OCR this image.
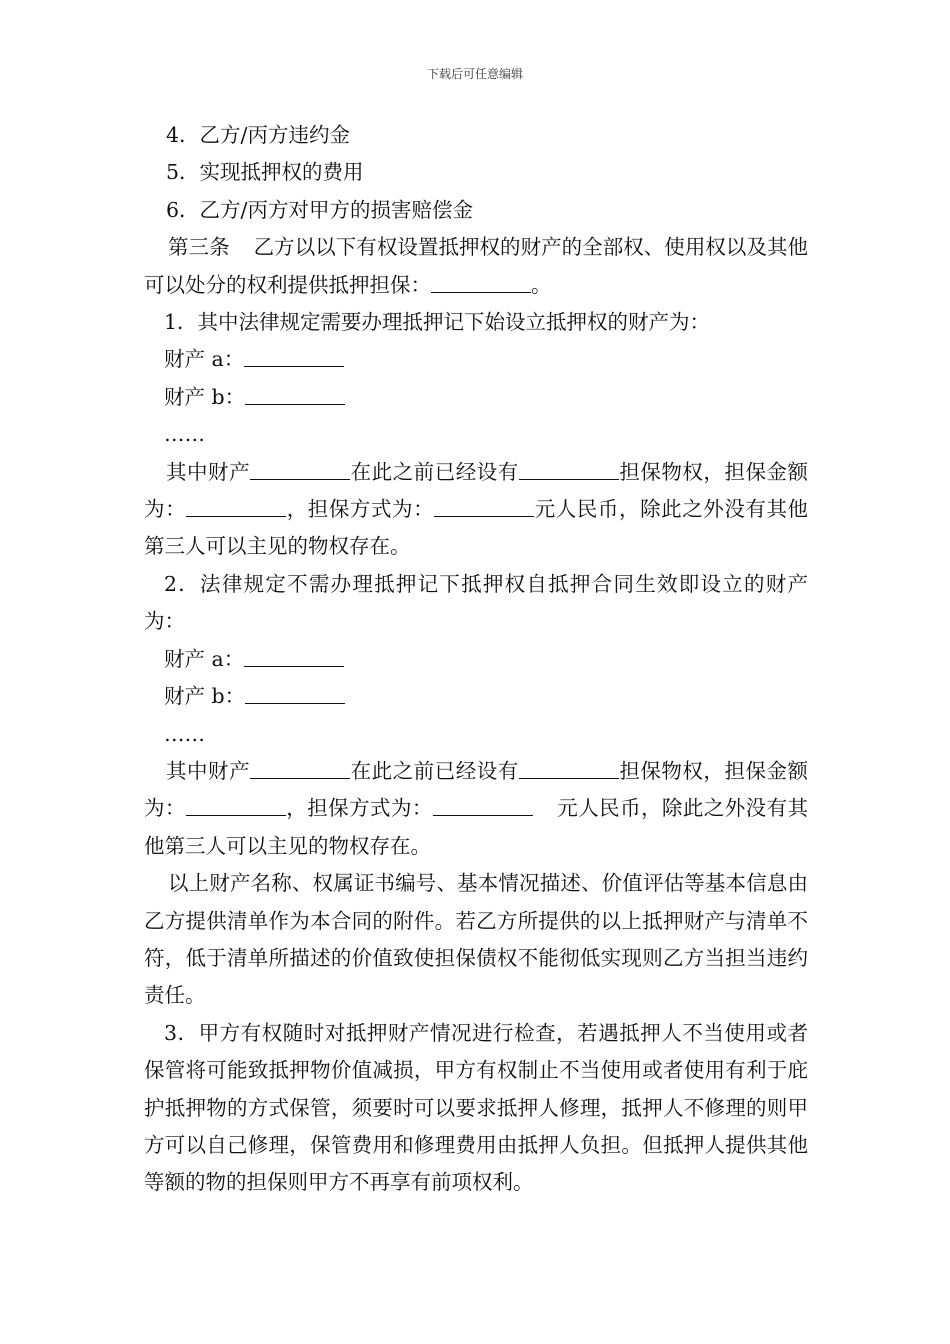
下载后可任意编辑
4．乙方/丙方违约金
5．实现抵押权的费用
6．乙方/丙方对甲方的损害赔偿金
第三条 乙方以以下有权设置抵押权的财产的全部权、使用权以及其他可以处分的权利提供抵押担保：	。
1．其中法律规定需要办理抵押记下始设立抵押权的财产为：
财产 a：
财产 b：
……
其中财产	在此之前已经设有	担保物权，担保金额为：	，担保方式为：	元人民币，除此之外没有其他第三人可以主见的物权存在。
2．法律规定不需办理抵押记下抵押权自抵押合同生效即设立的财产为：
财产 a：
财产 b：
……
其中财产	在此之前已经设有	担保物权，担保金额为：	，担保方式为：	元人民币，除此之外没有其他第三人可以主见的物权存在。
以上财产名称、权属证书编号、基本情况描述、价值评估等基本信息由乙方提供清单作为本合同的附件。若乙方所提供的以上抵押财产与清单不符，低于清单所描述的价值致使担保债权不能彻低实现则乙方当担当违约责任。
3．甲方有权随时对抵押财产情况进行检查，若遇抵押人不当使用或者保管将可能致抵押物价值减损，甲方有权制止不当使用或者使用有利于庇护抵押物的方式保管，须要时可以要求抵押人修理，抵押人不修理的则甲方可以自己修理，保管费用和修理费用由抵押人负担。但抵押人提供其他等额的物的担保则甲方不再享有前项权利。
